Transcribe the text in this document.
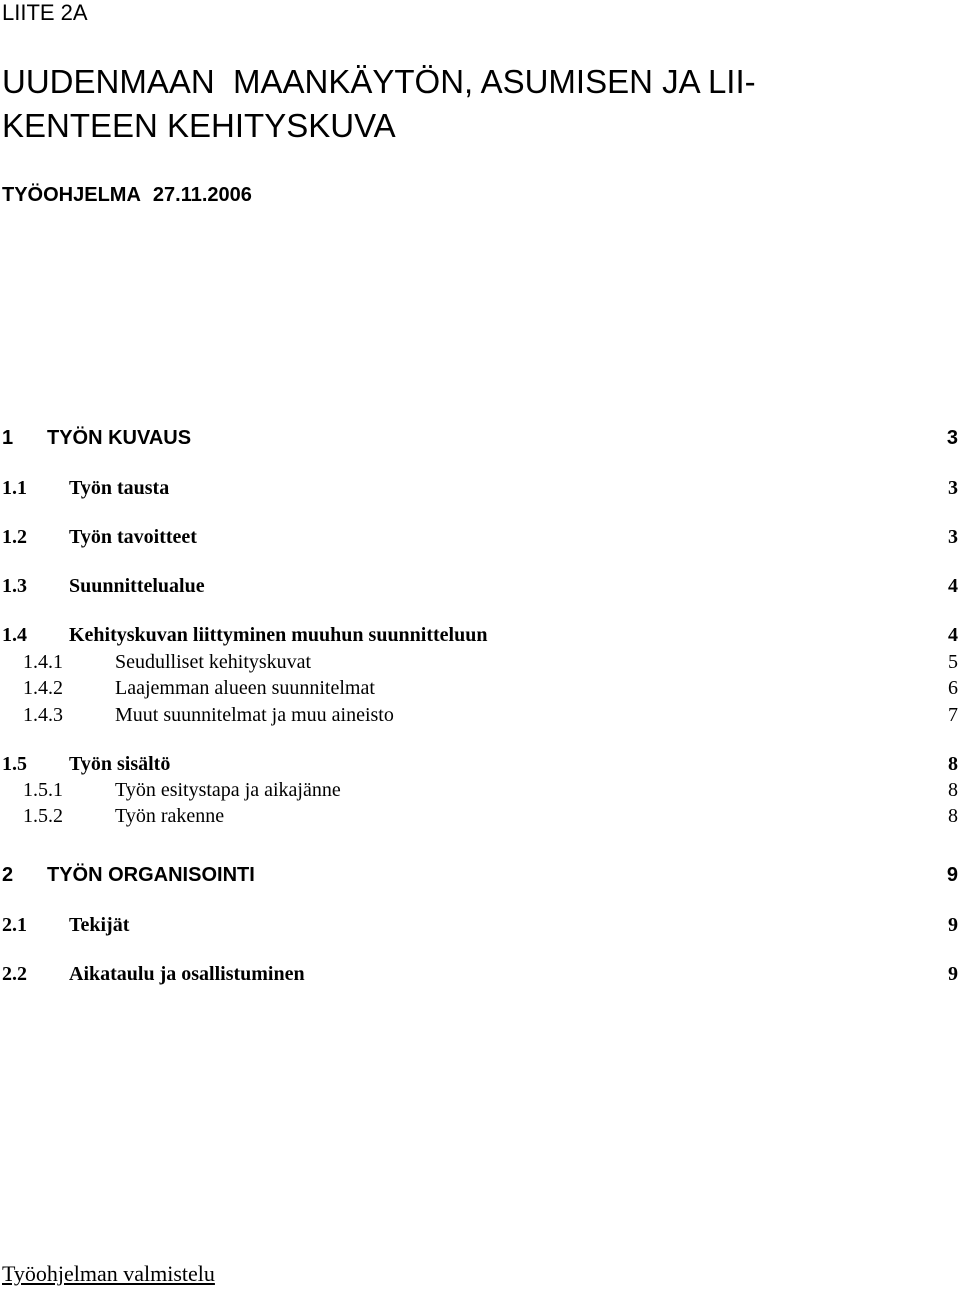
LIITE 2A
UUDENMAAN  MAANKÄYTÖN, ASUMISEN JA LII-
KENTEEN KEHITYSKUVA
TYÖOHJELMA 27.11.2006
1 TYÖN KUVAUS	3
1.1 Työn tausta	3
1.2 Työn tavoitteet	3
1.3 Suunnittelualue	4
1.4 Kehityskuvan liittyminen muuhun suunnitteluun	4
1.4.1	Seudulliset kehityskuvat	5
1.4.2	Laajemman alueen suunnitelmat	6
1.4.3	Muut suunnitelmat ja muu aineisto	7
1.5 Työn sisältö	8
1.5.1	Työn esitystapa ja aikajänne	8
1.5.2	Työn rakenne	8
2 TYÖN ORGANISOINTI	9
2.1 Tekijät	9
2.2 Aikataulu ja osallistuminen	9
Työohjelman valmistelu
